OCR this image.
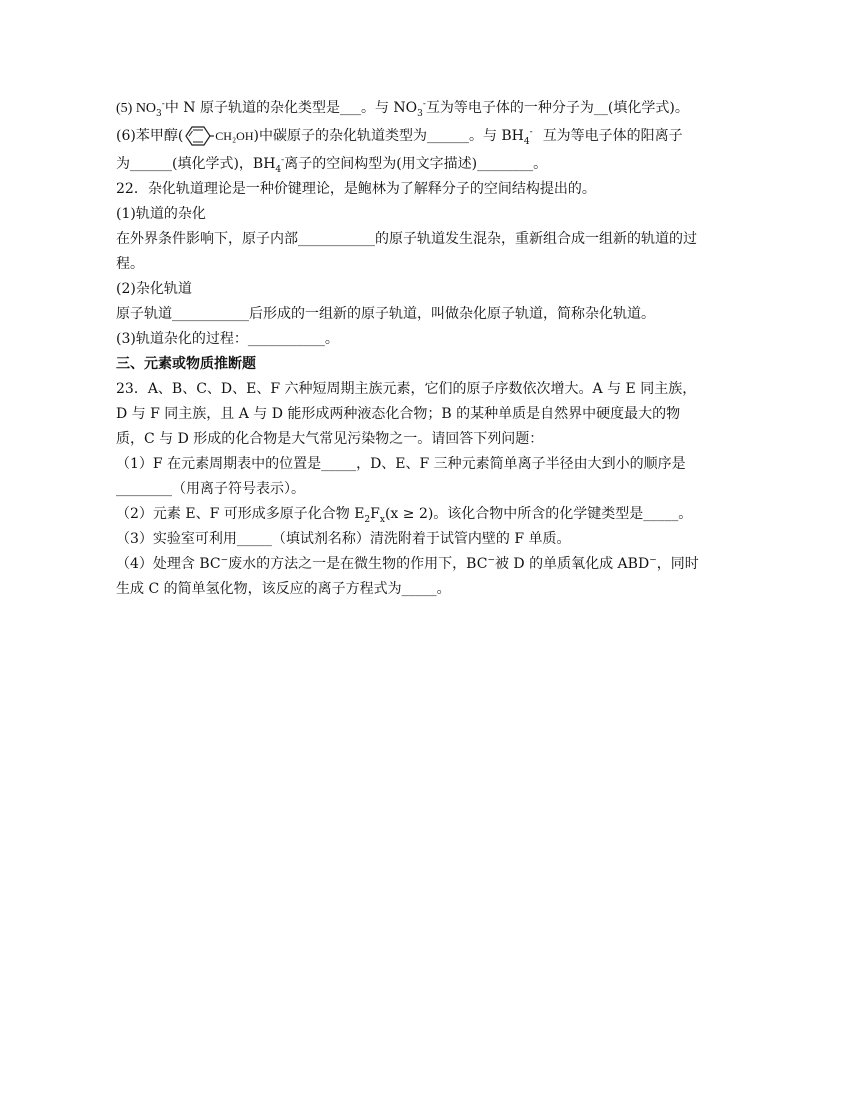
(5) $NO_3^-$中 N 原子轨道的杂化类型是___。与 $NO_3^-$互为等电子体的一种分子为__(填化学式)。
(6)苯甲醇(	CH₂OH)中碳原子的杂化轨道类型为______。与 $BH_4^-$ 互为等电子体的阳离子
为______(填化学式)，$BH_4^-$离子的空间构型为(用文字描述)________。
22．杂化轨道理论是一种价键理论，是鲍林为了解释分子的空间结构提出的。
(1)轨道的杂化
在外界条件影响下，原子内部___________的原子轨道发生混杂，重新组合成一组新的轨道的过
程。
(2)杂化轨道
原子轨道___________后形成的一组新的原子轨道，叫做杂化原子轨道，简称杂化轨道。
(3)轨道杂化的过程：___________。
三、元素或物质推断题
23．A、B、C、D、E、F 六种短周期主族元素，它们的原子序数依次增大。A 与 E 同主族，
D 与 F 同主族，且 A 与 D 能形成两种液态化合物；B 的某种单质是自然界中硬度最大的物
质，C 与 D 形成的化合物是大气常见污染物之一。请回答下列问题：
（1）F 在元素周期表中的位置是_____，D、E、F 三种元素简单离子半径由大到小的顺序是
________（用离子符号表示）。
（2）元素 E、F 可形成多原子化合物 $E_2F_x(x \ge 2)$。该化合物中所含的化学键类型是_____。
（3）实验室可利用_____（填试剂名称）清洗附着于试管内壁的 F 单质。
（4）处理含 BC−废水的方法之一是在微生物的作用下，BC−被 D 的单质氧化成 ABD−，同时
生成 C 的简单氢化物，该反应的离子方程式为_____。
